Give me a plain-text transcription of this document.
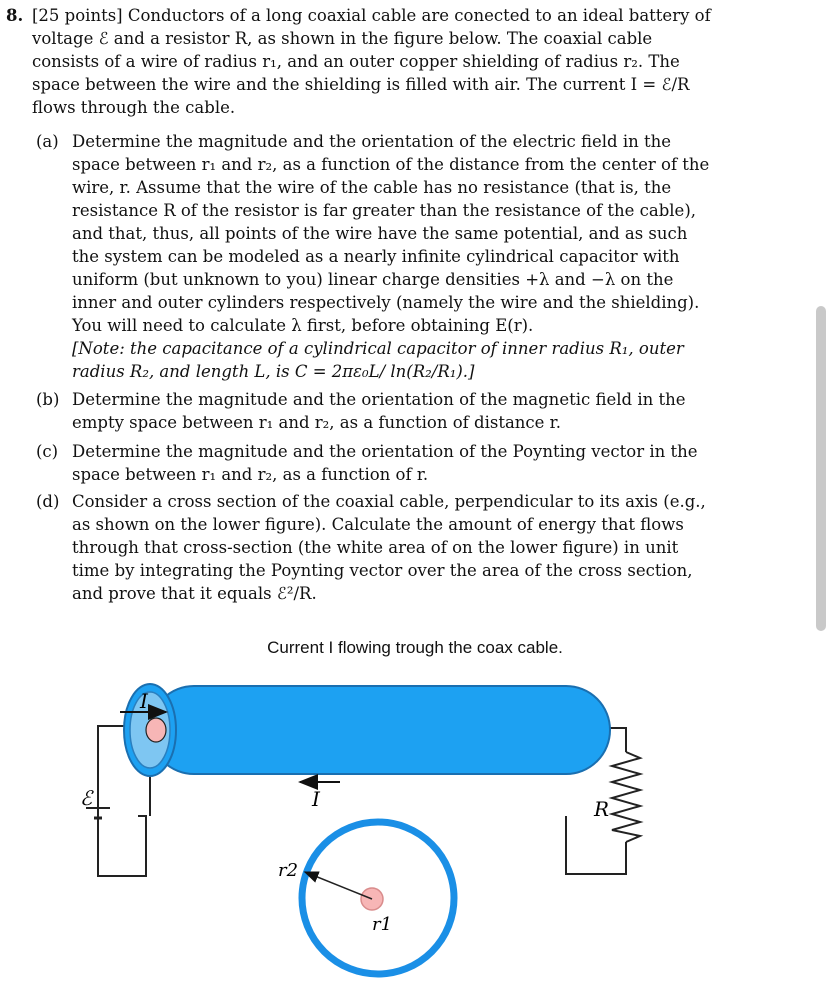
8. [25 points] Conductors of a long coaxial cable are conected to an ideal battery of voltage ℰ and a resistor R, as shown in the figure below. The coaxial cable consists of a wire of radius r₁, and an outer copper shielding of radius r₂. The space between the wire and the shielding is filled with air. The current I = ℰ/R flows through the cable.

(a) Determine the magnitude and the orientation of the electric field in the space between r₁ and r₂, as a function of the distance from the center of the wire, r. Assume that the wire of the cable has no resistance (that is, the resistance R of the resistor is far greater than the resistance of the cable), and that, thus, all points of the wire have the same potential, and as such the system can be modeled as a nearly infinite cylindrical capacitor with uniform (but unknown to you) linear charge densities +λ and −λ on the inner and outer cylinders respectively (namely the wire and the shielding). You will need to calculate λ first, before obtaining E(r).
[Note: the capacitance of a cylindrical capacitor of inner radius R₁, outer radius R₂, and length L, is C = 2πε₀L/ ln(R₂/R₁).]
(b) Determine the magnitude and the orientation of the magnetic field in the empty space between r₁ and r₂, as a function of distance r.
(c) Determine the magnitude and the orientation of the Poynting vector in the space between r₁ and r₂, as a function of r.
(d) Consider a cross section of the coaxial cable, perpendicular to its axis (e.g., as shown on the lower figure). Calculate the amount of energy that flows through that cross-section (the white area of on the lower figure) in unit time by integrating the Poynting vector over the area of the cross section, and prove that it equals ℰ²/R.
Current I flowing trough the coax cable.
ℰ	R
I
I
r2
r1
